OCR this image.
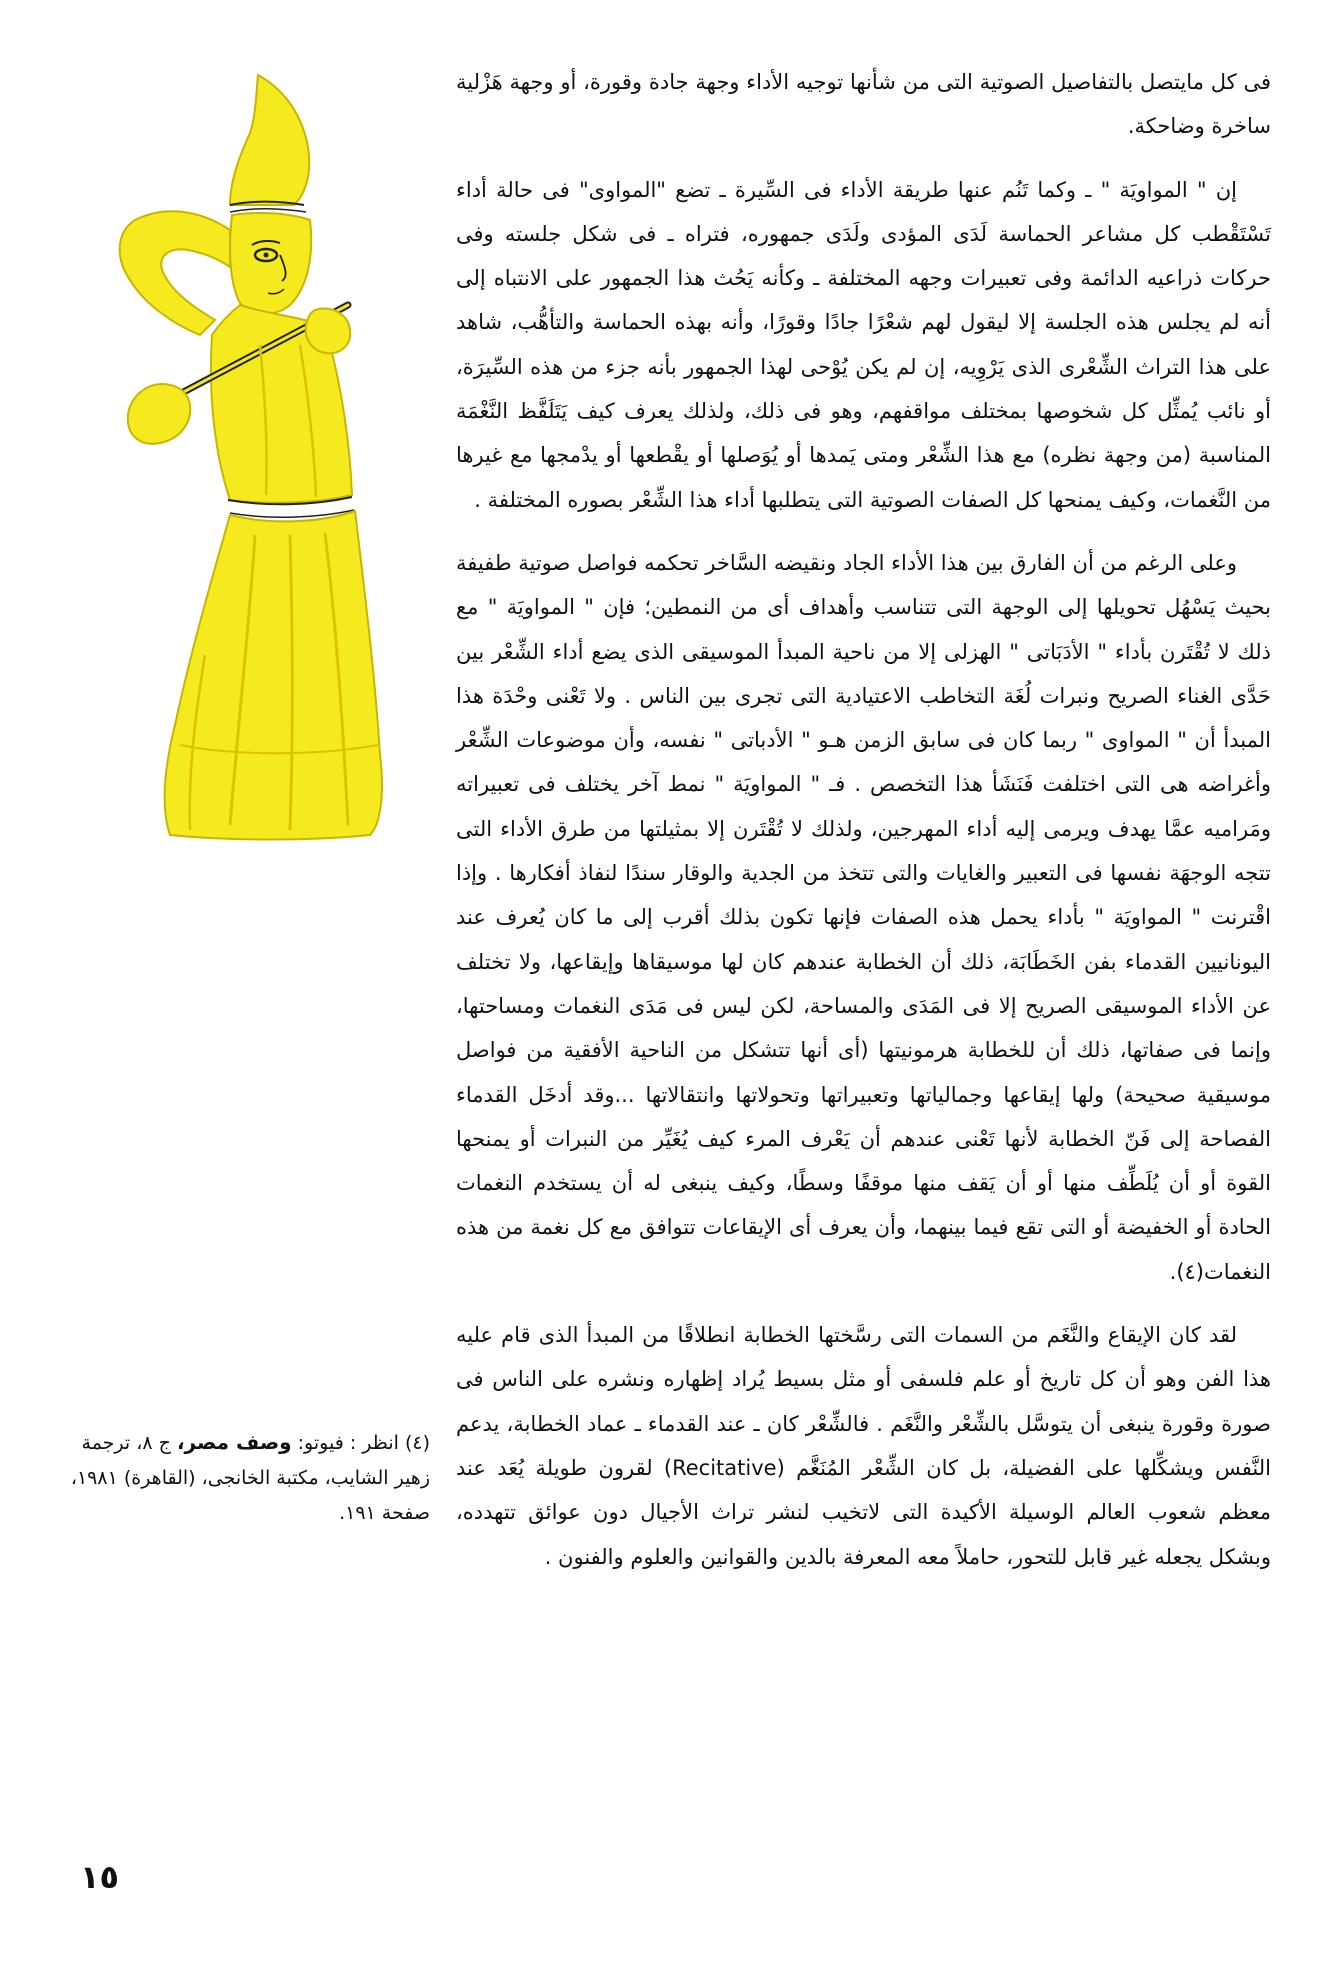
فى كل مايتصل بالتفاصيل الصوتية التى من شأنها توجيه الأداء وجهة جادة وقورة، أو وجهة هَزْلية ساخرة وضاحكة.

إن " المواويَة " ـ وكما تَنُم عنها طريقة الأداء فى السِّيرة ـ تضع "المواوى" فى حالة أداء تَسْتَقْطب كل مشاعر الحماسة لَدَى المؤدى ولَدَى جمهوره، فتراه ـ فى شكل جلسته وفى حركات ذراعيه الدائمة وفى تعبيرات وجهه المختلفة ـ وكأنه يَحُث هذا الجمهور على الانتباه إلى أنه لم يجلس هذه الجلسة إلا ليقول لهم شعْرًا جادًا وقورًا، وأنه بهذه الحماسة والتأهُّب، شاهد على هذا التراث الشِّعْرى الذى يَرْوِيه، إن لم يكن يُوْحى لهذا الجمهور بأنه جزء من هذه السِّيرَة، أو نائب يُمثِّل كل شخوصها بمختلف مواقفهم، وهو فى ذلك، ولذلك يعرف كيف يَتَلَفَّظ النَّغْمَة المناسبة (من وجهة نظره) مع هذا الشِّعْر ومتى يَمدها أو يُوَصلها أو يقْطعها أو يدْمجها مع غيرها من النَّغمات، وكيف يمنحها كل الصفات الصوتية التى يتطلبها أداء هذا الشِّعْر بصوره المختلفة .

وعلى الرغم من أن الفارق بين هذا الأداء الجاد ونقيضه السَّاخر تحكمه فواصل صوتية طفيفة بحيث يَسْهُل تحويلها إلى الوجهة التى تتناسب وأهداف أى من النمطين؛ فإن " المواويَة " مع ذلك لا تُقْتَرن بأداء " الأدَبَاتى " الهزلى إلا من ناحية المبدأ الموسيقى الذى يضع أداء الشِّعْر بين حَدَّى الغناء الصريح ونبرات لُغَة التخاطب الاعتيادية التى تجرى بين الناس . ولا تَعْنى وحْدَة هذا المبدأ أن " المواوى " ربما كان فى سابق الزمن هـو " الأدباتى " نفسه، وأن موضوعات الشِّعْر وأغراضه هى التى اختلفت فَنَشَأ هذا التخصص . فـ " المواويَة " نمط آخر يختلف فى تعبيراته ومَراميه عمَّا يهدف ويرمى إليه أداء المهرجين، ولذلك لا تُقْتَرن إلا بمثيلتها من طرق الأداء التى تتجه الوجهَة نفسها فى التعبير والغايات والتى تتخذ من الجدية والوقار سندًا لنفاذ أفكارها . وإذا اقْترنت " المواويَة " بأداء يحمل هذه الصفات فإنها تكون بذلك أقرب إلى ما كان يُعرف عند اليونانيين القدماء بفن الخَطَابَة، ذلك أن الخطابة عندهم كان لها موسيقاها وإيقاعها، ولا تختلف عن الأداء الموسيقى الصريح إلا فى المَدَى والمساحة، لكن ليس فى مَدَى النغمات ومساحتها، وإنما فى صفاتها، ذلك أن للخطابة هرمونيتها (أى أنها تتشكل من الناحية الأفقية من فواصل موسيقية صحيحة) ولها إيقاعها وجمالياتها وتعبيراتها وتحولاتها وانتقالاتها ...وقد أدخَل القدماء الفصاحة إلى فَنّ الخطابة لأنها تَعْنى عندهم أن يَعْرف المرء كيف يُغَيِّر من النبرات أو يمنحها القوة أو أن يُلَطِّف منها أو أن يَقف منها موقفًا وسطًا، وكيف ينبغى له أن يستخدم النغمات الحادة أو الخفيضة أو التى تقع فيما بينهما، وأن يعرف أى الإيقاعات تتوافق مع كل نغمة من هذه النغمات(٤).

لقد كان الإيقاع والنَّغَم من السمات التى رسَّختها الخطابة انطلاقًا من المبدأ الذى قام عليه هذا الفن وهو أن كل تاريخ أو علم فلسفى أو مثل بسيط يُراد إظهاره ونشره على الناس فى صورة وقورة ينبغى أن يتوسَّل بالشِّعْر والنَّغَم . فالشِّعْر كان ـ عند القدماء ـ عماد الخطابة، يدعم النَّفس ويشكِّلها على الفضيلة، بل كان الشِّعْر المُنَغَّم (Recitative) لقرون طويلة يُعَد عند معظم شعوب العالم الوسيلة الأكيدة التى لاتخيب لنشر تراث الأجيال دون عوائق تتهدده، وبشكل يجعله غير قابل للتحور، حاملاً معه المعرفة بالدين والقوانين والعلوم والفنون .

(٤) انظر : فيوتو: وصف مصر، ج ٨، ترجمة زهير الشايب، مكتبة الخانجى، (القاهرة) ١٩٨١، صفحة ١٩١.
١٥
